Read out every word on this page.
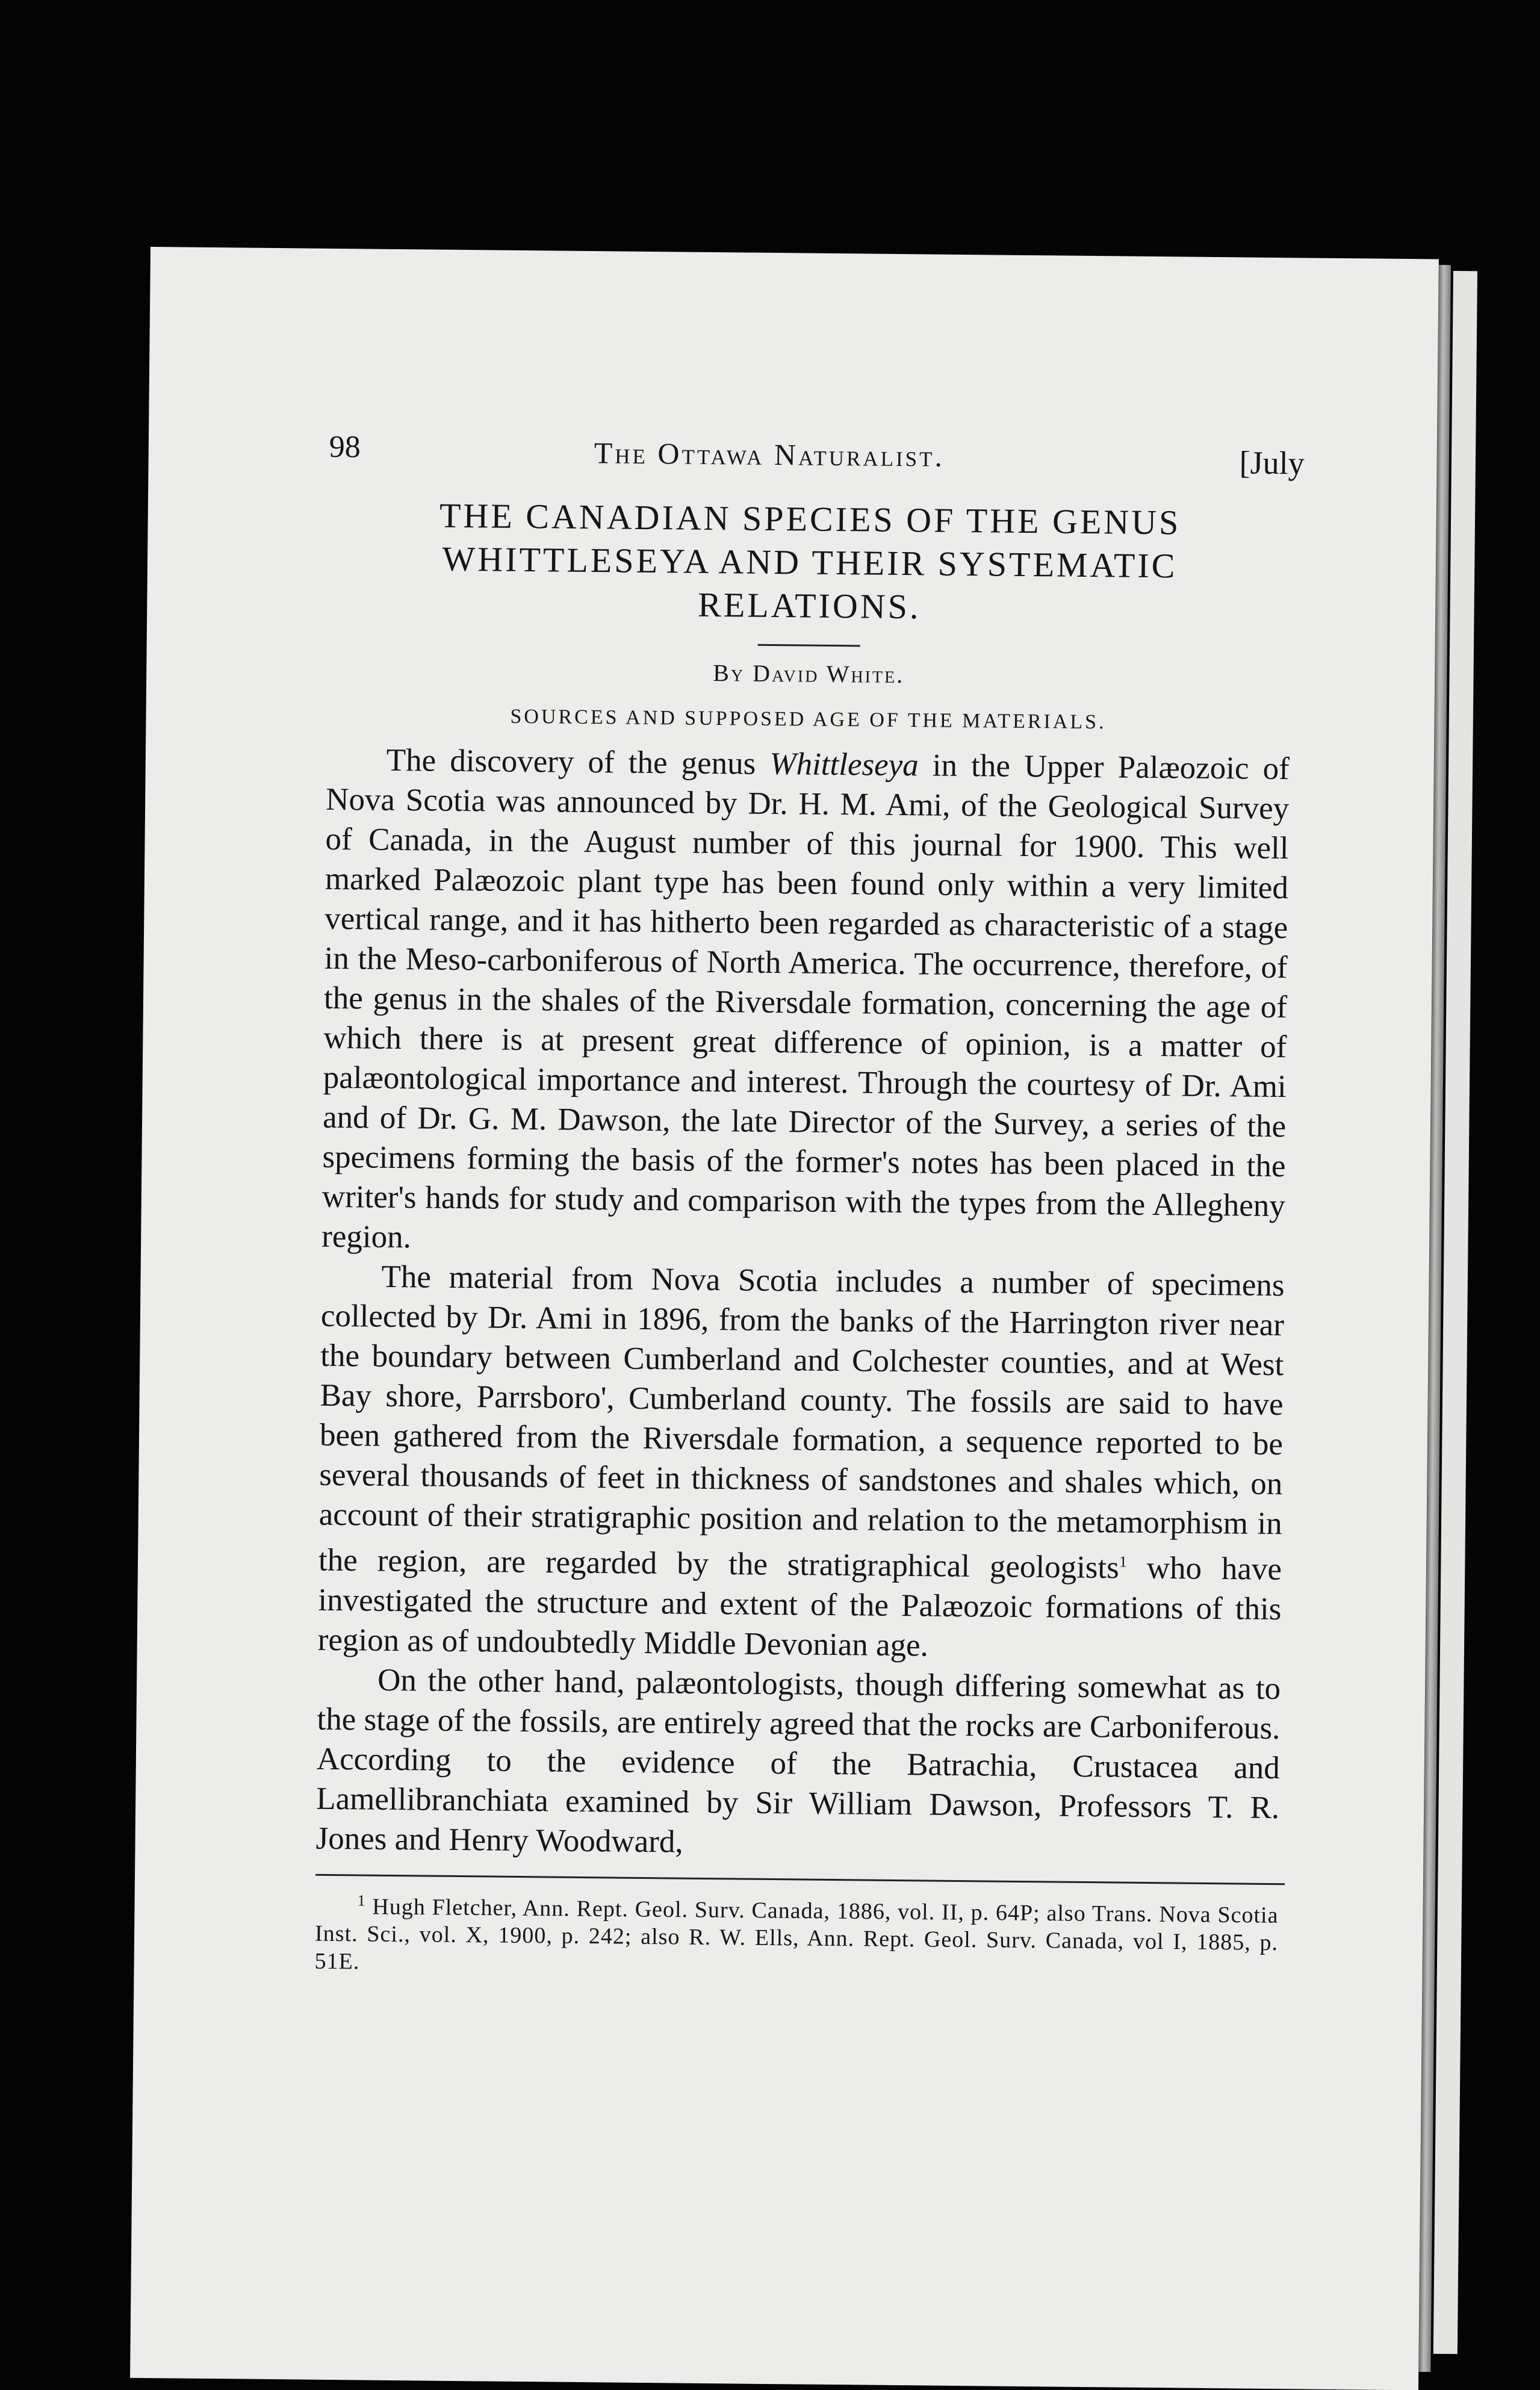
98	The Ottawa Naturalist.	[July
THE CANADIAN SPECIES OF THE GENUS WHITTLESEYA AND THEIR SYSTEMATIC RELATIONS.
By David White.
SOURCES AND SUPPOSED AGE OF THE MATERIALS.

The discovery of the genus Whittleseya in the Upper Palæozoic of Nova Scotia was announced by Dr. H. M. Ami, of the Geological Survey of Canada, in the August number of this journal for 1900. This well marked Palæozoic plant type has been found only within a very limited vertical range, and it has hitherto been regarded as characteristic of a stage in the Meso-carboniferous of North America. The occurrence, therefore, of the genus in the shales of the Riversdale formation, concerning the age of which there is at present great difference of opinion, is a matter of palæontological importance and interest. Through the courtesy of Dr. Ami and of Dr. G. M. Dawson, the late Director of the Survey, a series of the specimens forming the basis of the former's notes has been placed in the writer's hands for study and comparison with the types from the Allegheny region.

The material from Nova Scotia includes a number of specimens collected by Dr. Ami in 1896, from the banks of the Harrington river near the boundary between Cumberland and Colchester counties, and at West Bay shore, Parrsboro', Cumberland county. The fossils are said to have been gathered from the Riversdale formation, a sequence reported to be several thousands of feet in thickness of sandstones and shales which, on account of their stratigraphic position and relation to the metamorphism in the region, are regarded by the stratigraphical geologists$^1$ who have investigated the structure and extent of the Palæozoic formations of this region as of undoubtedly Middle Devonian age.

On the other hand, palæontologists, though differing somewhat as to the stage of the fossils, are entirely agreed that the rocks are Carboniferous. According to the evidence of the Batrachia, Crustacea and Lamellibranchiata examined by Sir William Dawson, Professors T. R. Jones and Henry Woodward,

$^1$ Hugh Fletcher, Ann. Rept. Geol. Surv. Canada, 1886, vol. II, p. 64P; also Trans. Nova Scotia Inst. Sci., vol. X, 1900, p. 242; also R. W. Ells, Ann. Rept. Geol. Surv. Canada, vol I, 1885, p. 51E.
